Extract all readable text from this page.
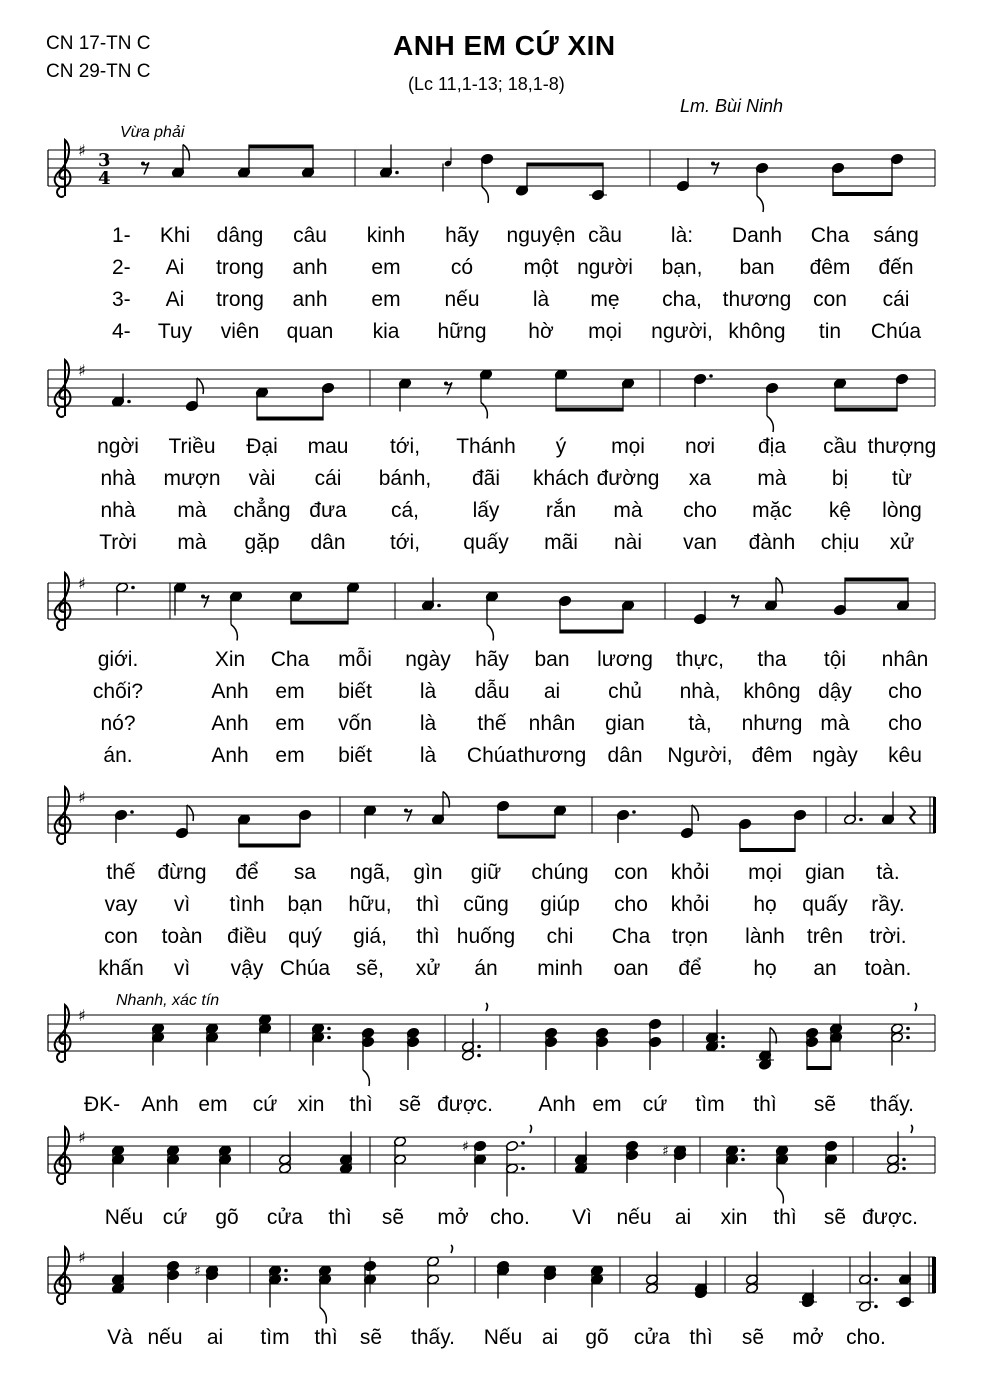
CN 17-TN C
CN 29-TN C
ANH EM CỨ XIN
(Lc 11,1-13; 18,1-8)
Lm. Bùi Ninh
Vừa phải
Nhanh, xác tín
♯ 3
4
♯
♯
♯
♯
♯	♯	♯
♯
♯
1- Khi dâng câu kinh hãy nguyện cầu là: Danh Cha sáng
2- Ai trong anh em có một người bạn, ban đêm đến
3- Ai trong anh em nếu	là mẹ cha, thương con cái
4- Tuy viên quan kia hững hờ mọi người, không tin Chúa
ngời Triều Đại mau tới, Thánh ý mọi nơi địa cầu thượng
nhà mượn vài cái bánh, đãi khách đường xa mà bị từ
nhà mà chẳng đưa cá,	lấy rắn mà cho mặc kệ lòng
Trời mà gặp dân tới, quấy mãi nài van đành chịu xử
giới.	Xin Cha mỗi ngày hãy ban lương thực, tha tội nhân
chối?	Anh em biết là dẫu ai chủ nhà, không dậy cho
nó?	Anh em vốn là thế nhân gian tà, nhưng mà cho
án.	Anh em biết là Chúa thương dân Người, đêm ngày kêu
thế đừng để sa ngã, gìn giữ chúng con khỏi mọi gian tà.
vay vì tình bạn hữu, thì cũng giúp cho khỏi họ quấy rầy.
con toàn điều quý giá, thì huống chi Cha trọn lành trên trời.
khấn vì vậy Chúa sẽ, xử án minh oan để họ an toàn.
ĐK- Anh em cứ xin thì sẽ được. Anh em cứ tìm thì sẽ thấy.
Nếu cứ gõ cửa thì sẽ mở cho. Vì nếu ai xin thì sẽ được.
Và nếu ai tìm thì sẽ thấy. Nếu ai gõ cửa thì sẽ mở cho.
